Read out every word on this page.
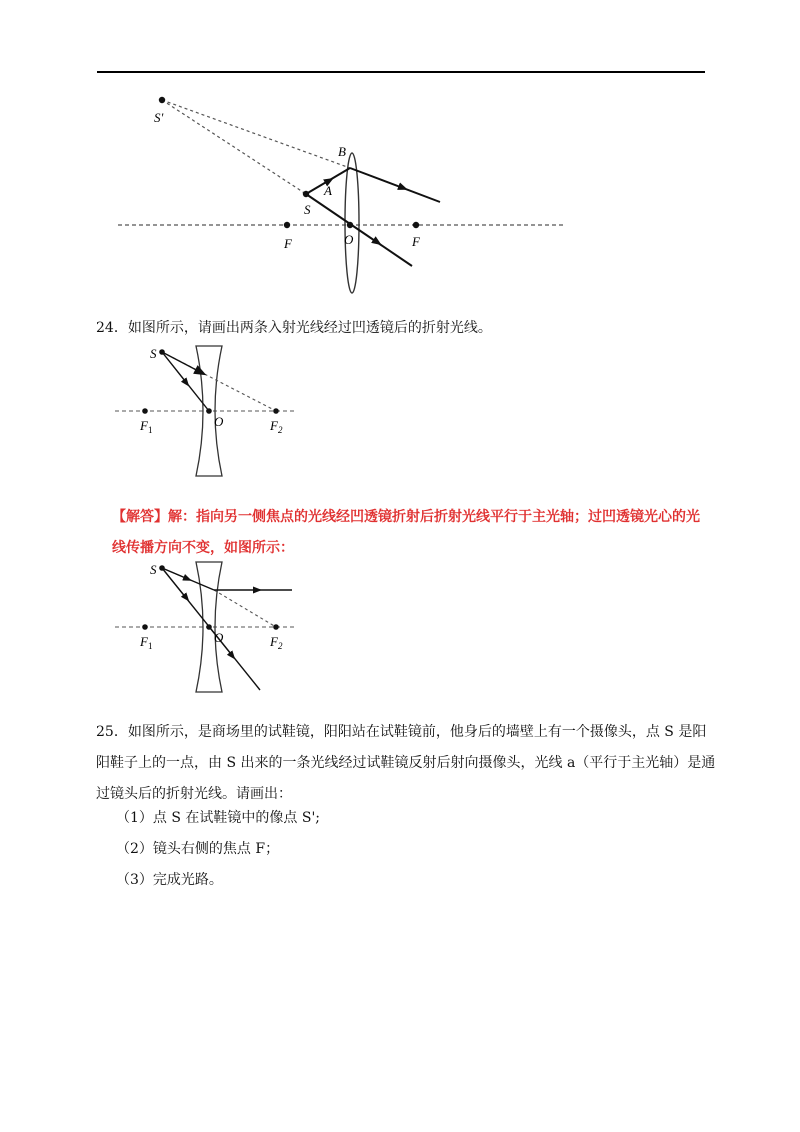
S'
B
A
S
F	O	F
24．如图所示，请画出两条入射光线经过凹透镜后的折射光线。
S
$F_1$
O	$F_2$
【解答】解：指向另一侧焦点的光线经凹透镜折射后折射光线平行于主光轴；过凹透镜光心的光线传播方向不变，如图所示：
S
$F_1$
O	$F_2$

25．如图所示，是商场里的试鞋镜，阳阳站在试鞋镜前，他身后的墙壁上有一个摄像头，点 S 是阳阳鞋子上的一点，由 S 出来的一条光线经过试鞋镜反射后射向摄像头，光线 a（平行于主光轴）是通过镜头后的折射光线。请画出：

（1）点 S 在试鞋镜中的像点 S';
（2）镜头右侧的焦点 F；
（3）完成光路。
